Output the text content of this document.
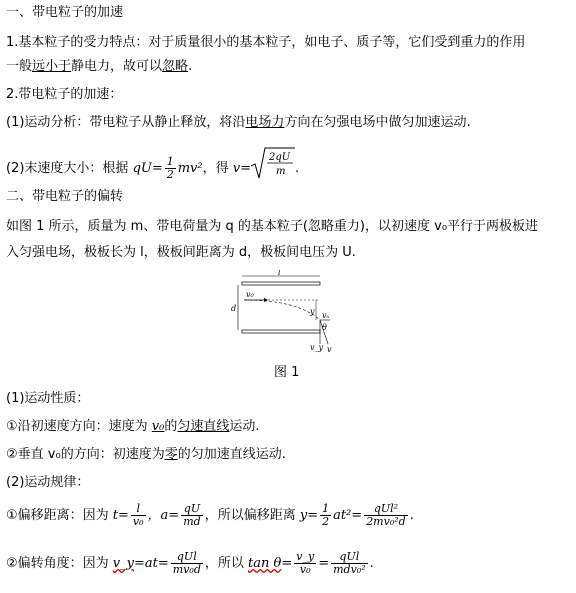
一、带电粒子的加速
1.基本粒子的受力特点：对于质量很小的基本粒子，如电子、质子等，它们受到重力的作用
一般远小于静电力，故可以忽略.
2.带电粒子的加速：
(1)运动分析：带电粒子从静止释放，将沿电场力方向在匀强电场中做匀加速运动.
(2)末速度大小：根据 $qU= \frac{1}{2} mv^2$，得 v=
2qU
m .
二、带电粒子的偏转
如图 1 所示，质量为 m、带电荷量为 q 的基本粒子(忽略重力)，以初速度 v₀平行于两极板进
入匀强电场，极板长为 l，极板间距离为 d，极板间电压为 U.
l
d
v₀
y vₓ
θ
v_y v
图 1
(1)运动性质：
①沿初速度方向：速度为 v₀的匀速直线运动.
②垂直 v₀的方向：初速度为零的匀加速直线运动.
(2)运动规律：
①偏移距离：因为 $t= \frac{l}{\text{v₀}}$ ，$a= \frac{qU}{md}$ ，所以偏移距离 $y= \frac{1}{2} at^2= \frac{\text{qUl²}}{\text{2mv₀²d}}$ .
②偏转角度：因为 v_y=at= $\frac{\text{qUl}}{\text{mv₀d}}$ ，所以 $\tan \theta= \frac{v\_y}{\text{v₀}} = \frac{\text{qUl}}{\text{mdv₀²}}$ .
